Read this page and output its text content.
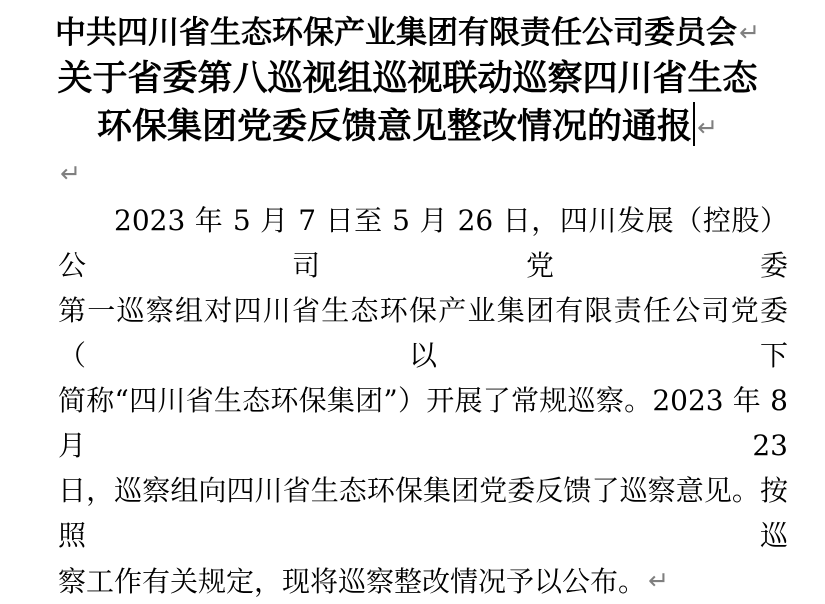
中共四川省生态环保产业集团有限责任公司委员会↵
关于省委第八巡视组巡视联动巡察四川省生态
环保集团党委反馈意见整改情况的通报 ↵
↵
2023 年 5 月 7 日至 5 月 26 日，四川发展（控股）公司党委
第一巡察组对四川省生态环保产业集团有限责任公司党委（以下
简称“四川省生态环保集团”）开展了常规巡察。2023 年 8 月 23
日，巡察组向四川省生态环保集团党委反馈了巡察意见。按照巡
察工作有关规定，现将巡察整改情况予以公布。↵
